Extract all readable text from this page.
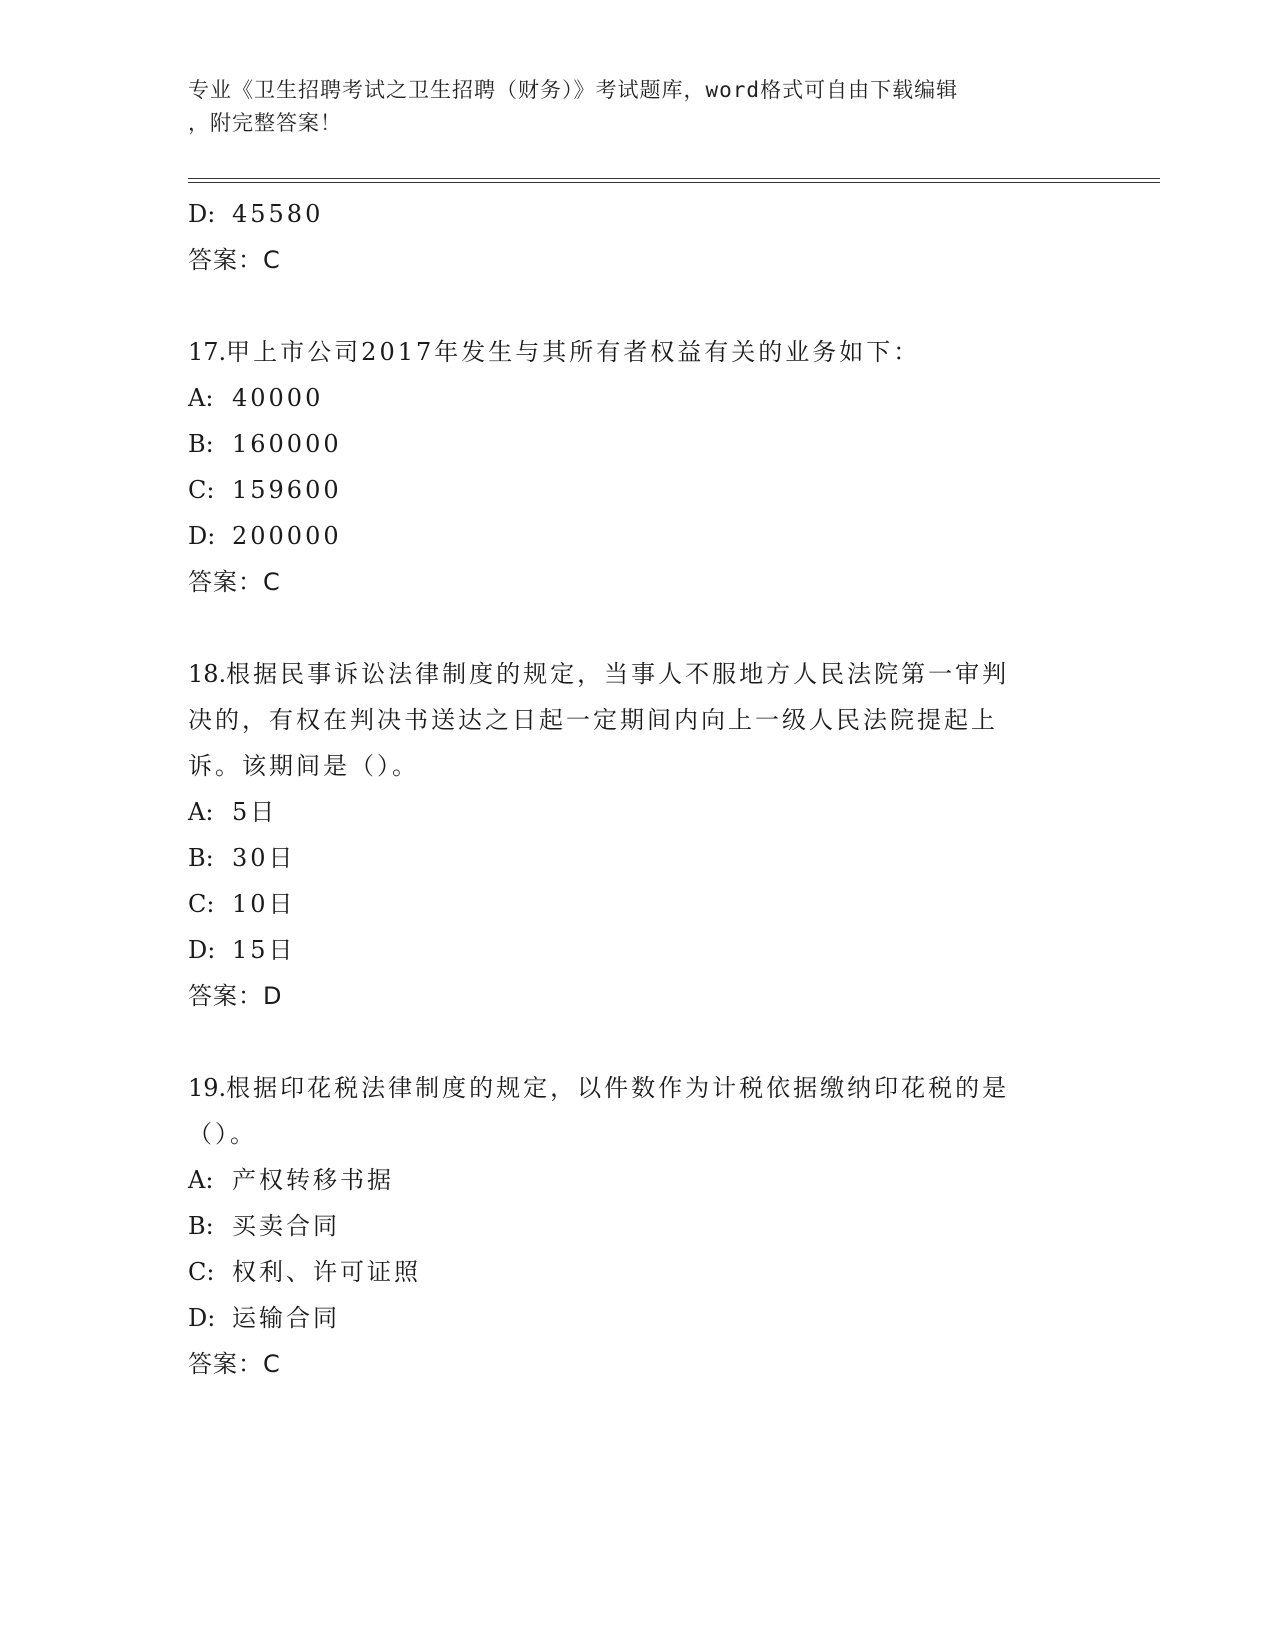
专业《卫生招聘考试之卫生招聘（财务）》考试题库，word格式可自由下载编辑
，附完整答案！
D: 45580
答案：C
17.甲上市公司2017年发生与其所有者权益有关的业务如下：
A: 40000
B: 160000
C: 159600
D: 200000
答案：C
18.根据民事诉讼法律制度的规定，当事人不服地方人民法院第一审判
决的，有权在判决书送达之日起一定期间内向上一级人民法院提起上
诉。该期间是（）。
A: 5日
B: 30日
C: 10日
D: 15日
答案：D
19.根据印花税法律制度的规定，以件数作为计税依据缴纳印花税的是
（）。
A: 产权转移书据
B: 买卖合同
C: 权利、许可证照
D: 运输合同
答案：C
